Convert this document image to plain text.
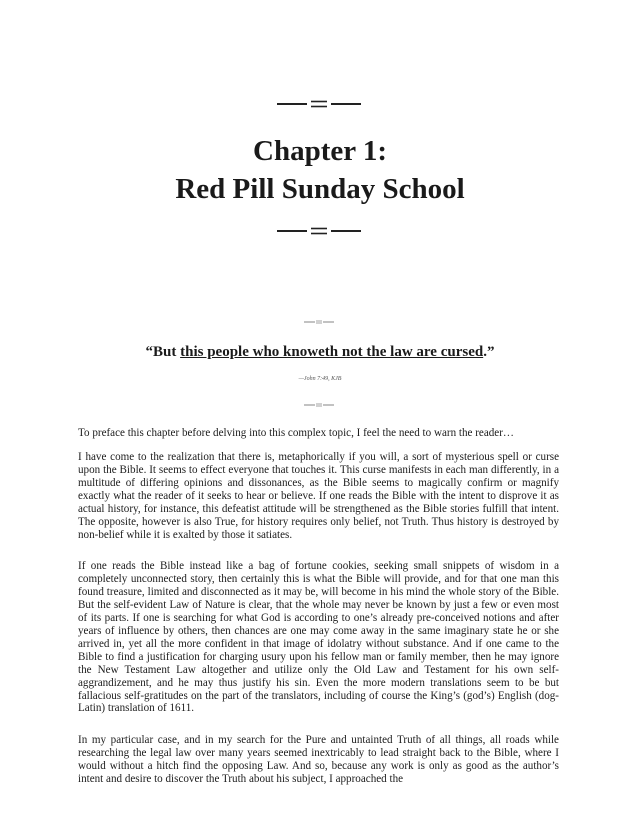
Chapter 1:

Red Pill Sunday School

“But this people who knoweth not the law are cursed.”

—John 7:49, KJB

To preface this chapter before delving into this complex topic, I feel the need to warn the reader…

I have come to the realization that there is, metaphorically if you will, a sort of mysterious spell or curse upon the Bible. It seems to effect everyone that touches it. This curse manifests in each man differently, in a multitude of differing opinions and dissonances, as the Bible seems to magically confirm or magnify exactly what the reader of it seeks to hear or believe. If one reads the Bible with the intent to disprove it as actual history, for instance, this defeatist attitude will be strengthened as the Bible stories fulfill that intent. The opposite, however is also True, for history requires only belief, not Truth. Thus history is destroyed by non-belief while it is exalted by those it satiates.

If one reads the Bible instead like a bag of fortune cookies, seeking small snippets of wisdom in a completely unconnected story, then certainly this is what the Bible will provide, and for that one man this found treasure, limited and disconnected as it may be, will become in his mind the whole story of the Bible. But the self-evident Law of Nature is clear, that the whole may never be known by just a few or even most of its parts. If one is searching for what God is according to one’s already pre-conceived notions and after years of influence by others, then chances are one may come away in the same imaginary state he or she arrived in, yet all the more confident in that image of idolatry without substance. And if one came to the Bible to find a justification for charging usury upon his fellow man or family member, then he may ignore the New Testament Law altogether and utilize only the Old Law and Testament for his own self-aggrandizement, and he may thus justify his sin. Even the more modern translations seem to be but fallacious self-gratitudes on the part of the translators, including of course the King’s (god’s) English (dog-Latin) translation of 1611.

In my particular case, and in my search for the Pure and untainted Truth of all things, all roads while researching the legal law over many years seemed inextricably to lead straight back to the Bible, where I would without a hitch find the opposing Law. And so, because any work is only as good as the author’s intent and desire to discover the Truth about his subject, I approached the
